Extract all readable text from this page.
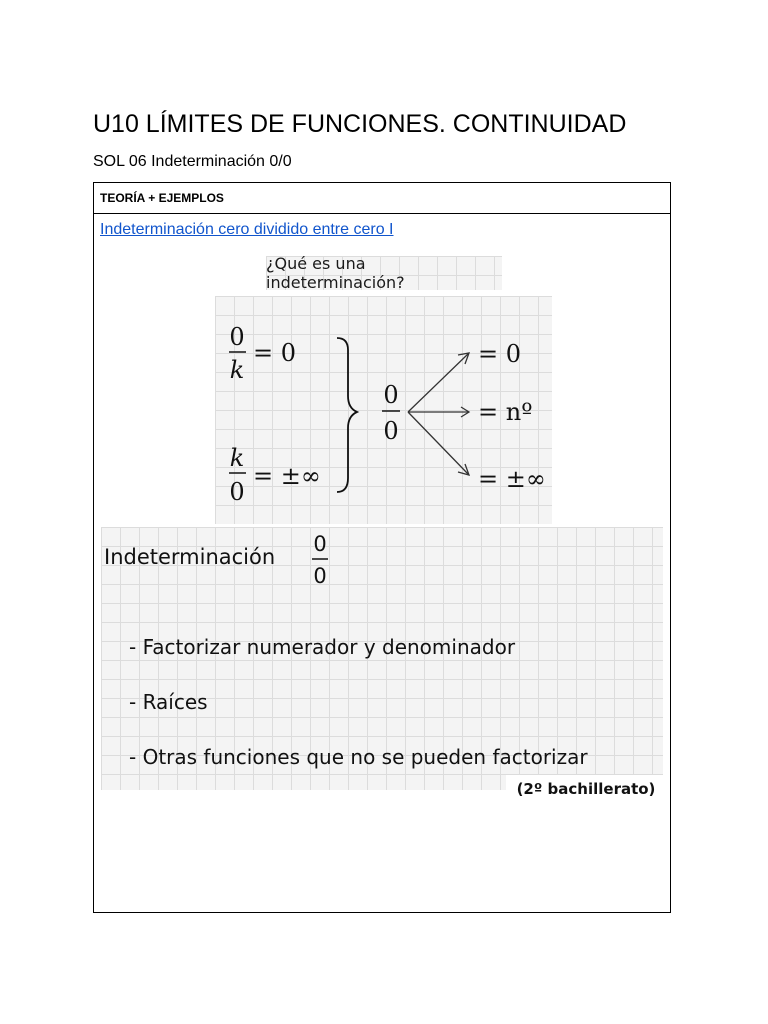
U10 LÍMITES DE FUNCIONES. CONTINUIDAD
SOL 06 Indeterminación 0/0
TEORÍA + EJEMPLOS
Indeterminación cero dividido entre cero I
¿Qué es una indeterminación?
0
k
= 0
k
0
= ±∞
0
0
= 0
= nº
= ±∞
Indeterminación
0
0
- Factorizar numerador y denominador
- Raíces
- Otras funciones que no se pueden factorizar
(2º bachillerato)
